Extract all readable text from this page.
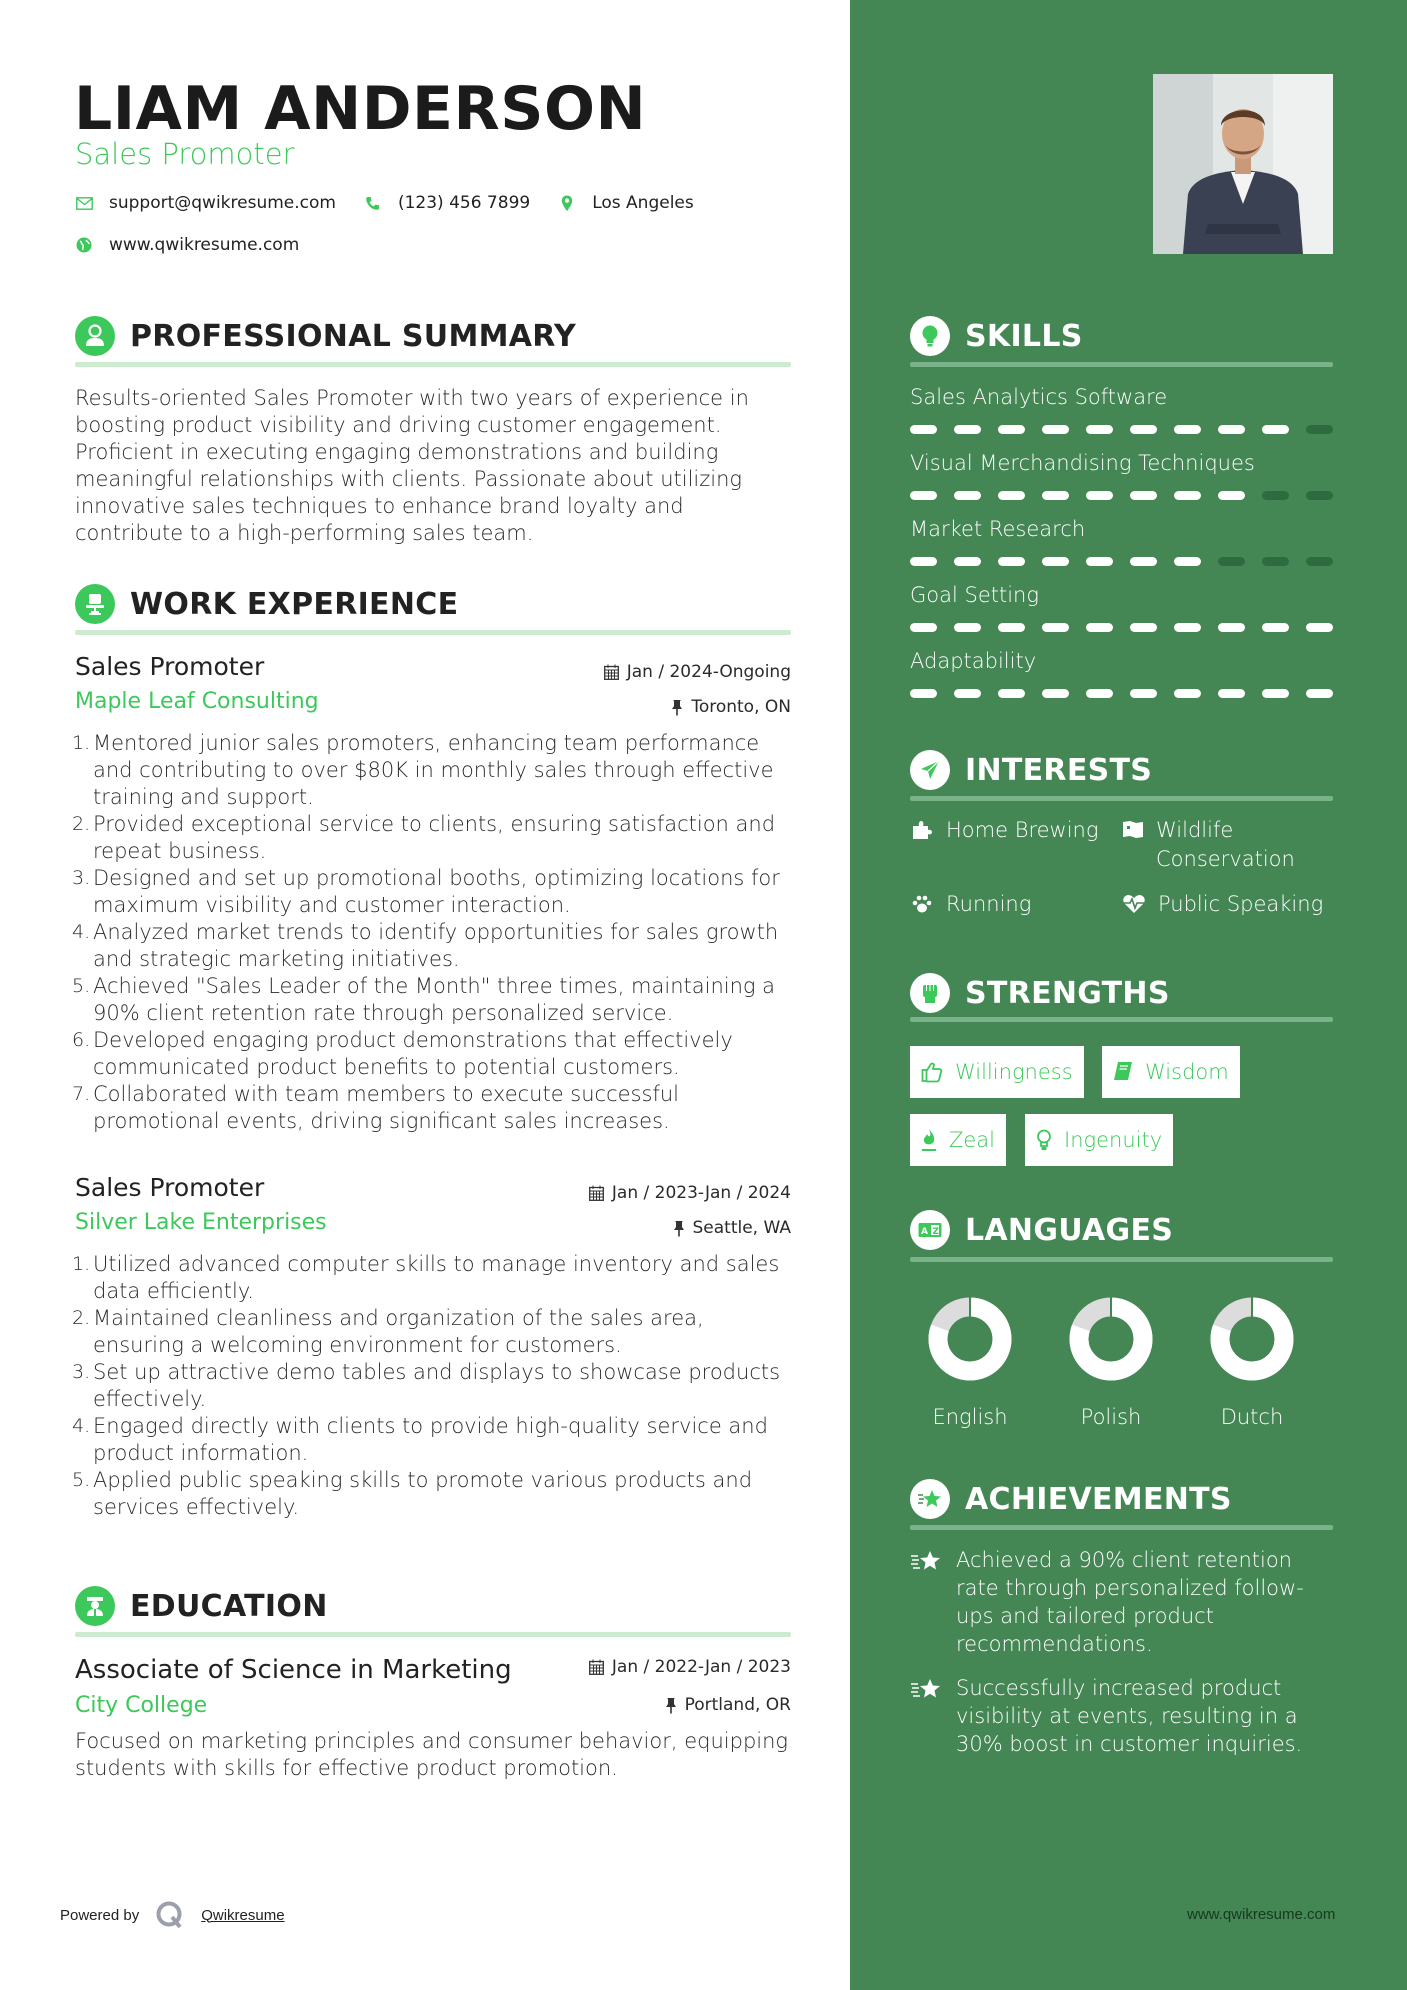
LIAM ANDERSON
Sales Promoter
support@qwikresume.com	(123) 456 7899	Los Angeles
www.qwikresume.com
PROFESSIONAL SUMMARY

Results-oriented Sales Promoter with two years of experience in boosting product visibility and driving customer engagement. Proficient in executing engaging demonstrations and building meaningful relationships with clients. Passionate about utilizing innovative sales techniques to enhance brand loyalty and contribute to a high-performing sales team.

WORK EXPERIENCE
Jan / 2024-Ongoing
Toronto, ON
Sales Promoter
Maple Leaf Consulting
Mentored junior sales promoters, enhancing team performance and contributing to over $80K in monthly sales through effective training and support.
Provided exceptional service to clients, ensuring satisfaction and repeat business.
Designed and set up promotional booths, optimizing locations for maximum visibility and customer interaction.
Analyzed market trends to identify opportunities for sales growth and strategic marketing initiatives.
Achieved "Sales Leader of the Month" three times, maintaining a 90% client retention rate through personalized service.
Developed engaging product demonstrations that effectively communicated product benefits to potential customers.
Collaborated with team members to execute successful promotional events, driving significant sales increases.
Jan / 2023-Jan / 2024
Seattle, WA
Sales Promoter
Silver Lake Enterprises
Utilized advanced computer skills to manage inventory and sales data efficiently.
Maintained cleanliness and organization of the sales area, ensuring a welcoming environment for customers.
Set up attractive demo tables and displays to showcase products effectively.
Engaged directly with clients to provide high-quality service and product information.
Applied public speaking skills to promote various products and services effectively.
EDUCATION
Jan / 2022-Jan / 2023
Portland, OR
Associate of Science in Marketing
City College

Focused on marketing principles and consumer behavior, equipping students with skills for effective product promotion.

Powered by	Qwikresume
SKILLS
Sales Analytics Software
Visual Merchandising Techniques
Market Research
Goal Setting
Adaptability
INTERESTS
Home Brewing	Wildlife Conservation
Running	Public Speaking
STRENGTHS
Willingness	Wisdom
Zeal	Ingenuity
A Z LANGUAGES
English	Polish	Dutch
ACHIEVEMENTS
Achieved a 90% client retention rate through personalized follow-ups and tailored product recommendations.
Successfully increased product visibility at events, resulting in a 30% boost in customer inquiries.
www.qwikresume.com
